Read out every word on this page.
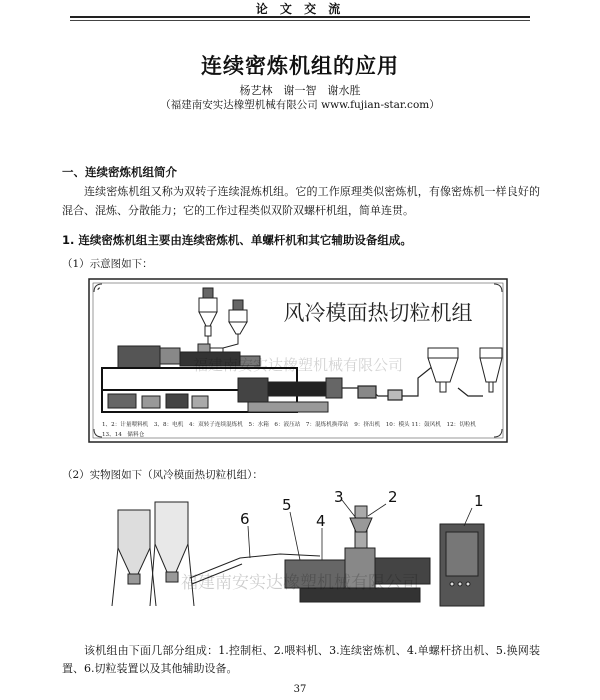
论 文 交 流
连续密炼机组的应用
杨艺林　谢一智　谢水胜
（福建南安实达橡塑机械有限公司 www.fujian-star.com）
一、连续密炼机组简介
连续密炼机组又称为双转子连续混炼机组。它的工作原理类似密炼机，有像密炼机一样良好的混合、混炼、分散能力；它的工作过程类似双阶双螺杆机组，简单连贯。
1. 连续密炼机组主要由连续密炼机、单螺杆机和其它辅助设备组成。
（1）示意图如下：
风冷模面热切粒机组
福建南安实达橡塑机械有限公司
1、2：计量喂料机　3、8：电机　4：双转子连续混炼机　5：水箱　6：液压站　7：混炼机换带站　9：挤出机　10：模头 11：鼓风机　12：切粒机
13、14　储料仓
（2）实物图如下（风冷模面热切粒机组）：
1
2
3
4
5
6
福建南安实达橡塑机械有限公司
该机组由下面几部分组成：1.控制柜、2.喂料机、3.连续密炼机、4.单螺杆挤出机、5.换网装置、6.切粒装置以及其他辅助设备。
37
